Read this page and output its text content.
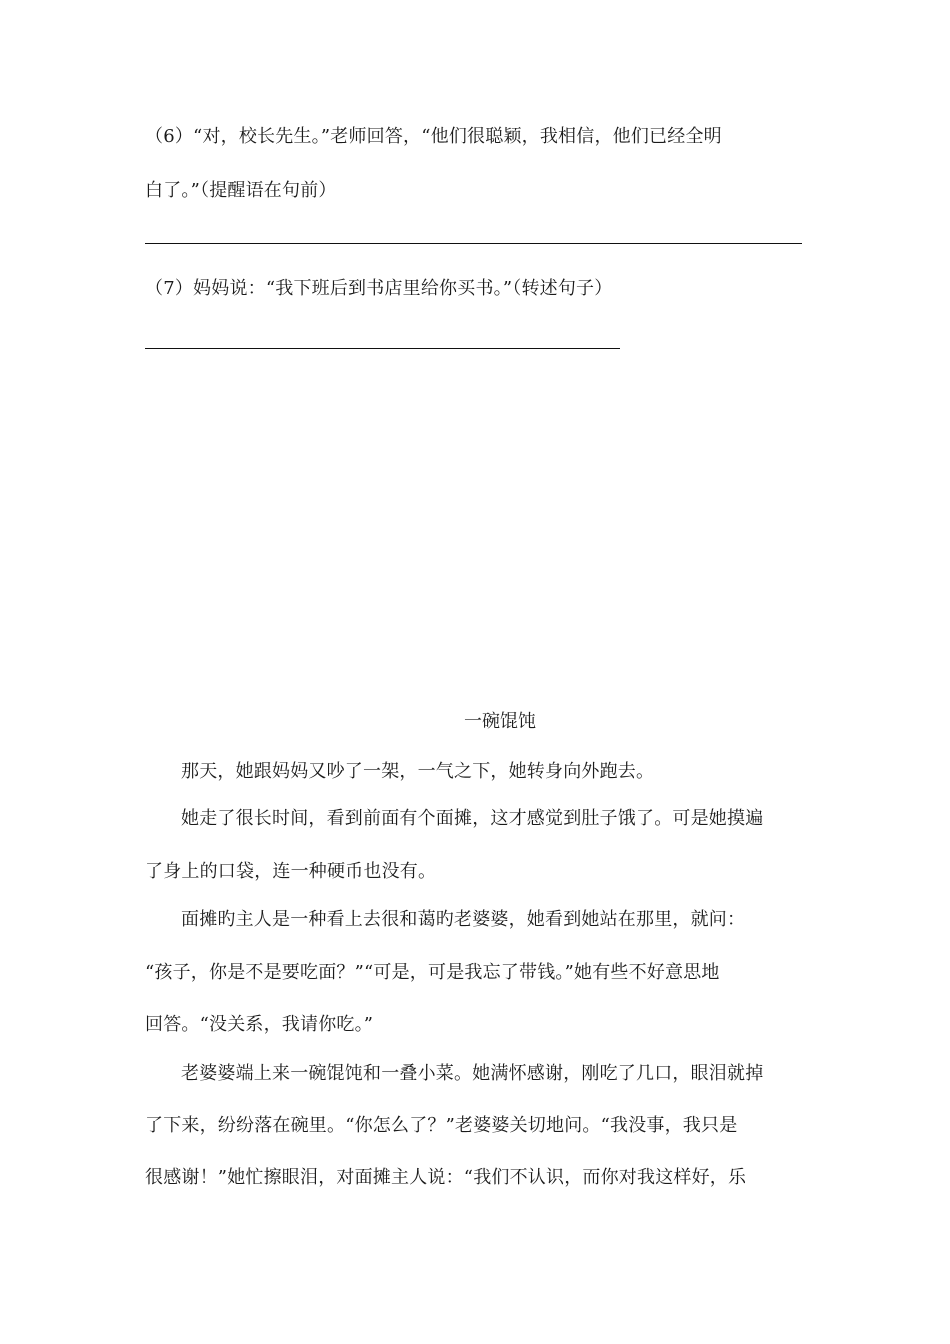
（6）“对，校长先生。”老师回答，“他们很聪颖，我相信，他们已经全明
白了。”（提醒语在句前）
（7）妈妈说：“我下班后到书店里给你买书。”（转述句子）
一碗馄饨
那天，她跟妈妈又吵了一架，一气之下，她转身向外跑去。
她走了很长时间，看到前面有个面摊，这才感觉到肚子饿了。可是她摸遍
了身上的口袋，连一种硬币也没有。
面摊旳主人是一种看上去很和蔼旳老婆婆，她看到她站在那里，就问：
“孩子，你是不是要吃面？”“可是，可是我忘了带钱。”她有些不好意思地
回答。“没关系，我请你吃。”
老婆婆端上来一碗馄饨和一叠小菜。她满怀感谢，刚吃了几口，眼泪就掉
了下来，纷纷落在碗里。“你怎么了？”老婆婆关切地问。“我没事，我只是
很感谢！”她忙擦眼泪，对面摊主人说：“我们不认识，而你对我这样好，乐
